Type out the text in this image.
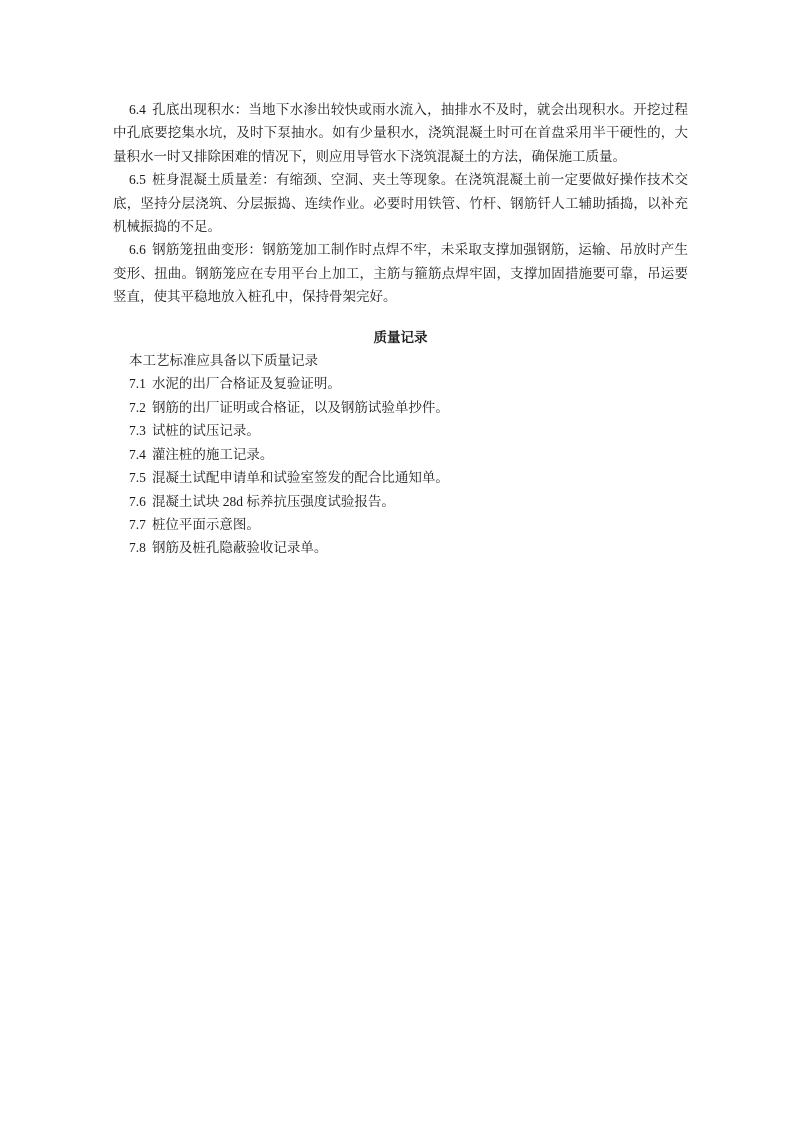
6.4 孔底出现积水：当地下水渗出较快或雨水流入，抽排水不及时，就会出现积水。开挖过程中孔底要挖集水坑，及时下泵抽水。如有少量积水，浇筑混凝土时可在首盘采用半干硬性的，大量积水一时又排除困难的情况下，则应用导管水下浇筑混凝土的方法，确保施工质量。

6.5 桩身混凝土质量差：有缩颈、空洞、夹土等现象。在浇筑混凝土前一定要做好操作技术交底，坚持分层浇筑、分层振捣、连续作业。必要时用铁管、竹杆、钢筋钎人工辅助插捣，以补充机械振捣的不足。

6.6 钢筋笼扭曲变形：钢筋笼加工制作时点焊不牢，未采取支撑加强钢筋，运输、吊放时产生变形、扭曲。钢筋笼应在专用平台上加工，主筋与箍筋点焊牢固，支撑加固措施要可靠，吊运要竖直，使其平稳地放入桩孔中，保持骨架完好。

质量记录

本工艺标准应具备以下质量记录

7.1 水泥的出厂合格证及复验证明。
7.2 钢筋的出厂证明或合格证，以及钢筋试验单抄件。
7.3 试桩的试压记录。
7.4 灌注桩的施工记录。
7.5 混凝土试配申请单和试验室签发的配合比通知单。
7.6 混凝土试块 28d 标养抗压强度试验报告。
7.7 桩位平面示意图。
7.8 钢筋及桩孔隐蔽验收记录单。
